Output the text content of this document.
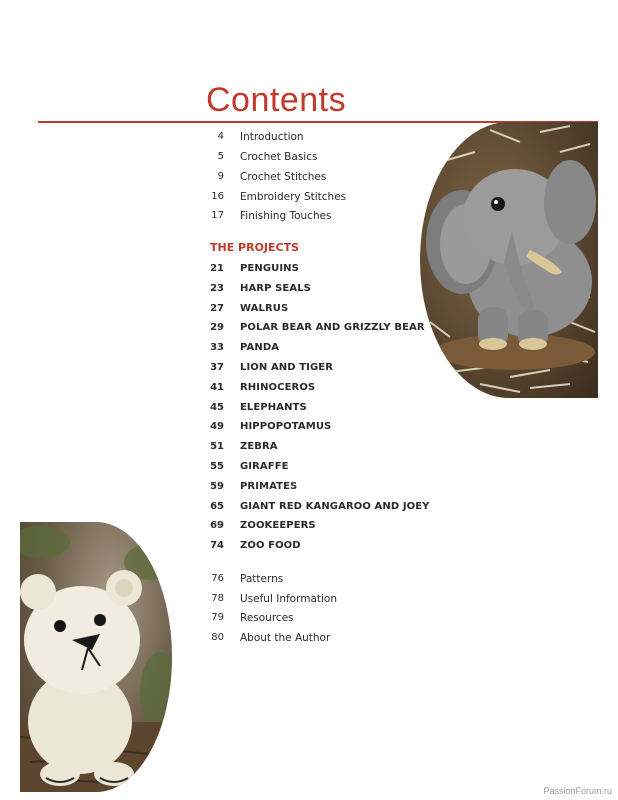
Contents
4 Introduction
5 Crochet Basics
9 Crochet Stitches
16 Embroidery Stitches
17 Finishing Touches
THE PROJECTS
21 PENGUINS
23 HARP SEALS
27 WALRUS
29 POLAR BEAR AND GRIZZLY BEAR
33 PANDA
37 LION AND TIGER
41 RHINOCEROS
45 ELEPHANTS
49 HIPPOPOTAMUS
51 ZEBRA
55 GIRAFFE
59 PRIMATES
65 GIANT RED KANGAROO AND JOEY
69 ZOOKEEPERS
74 ZOO FOOD
76 Patterns
78 Useful Information
79 Resources
80 About the Author
PassionForum.ru
